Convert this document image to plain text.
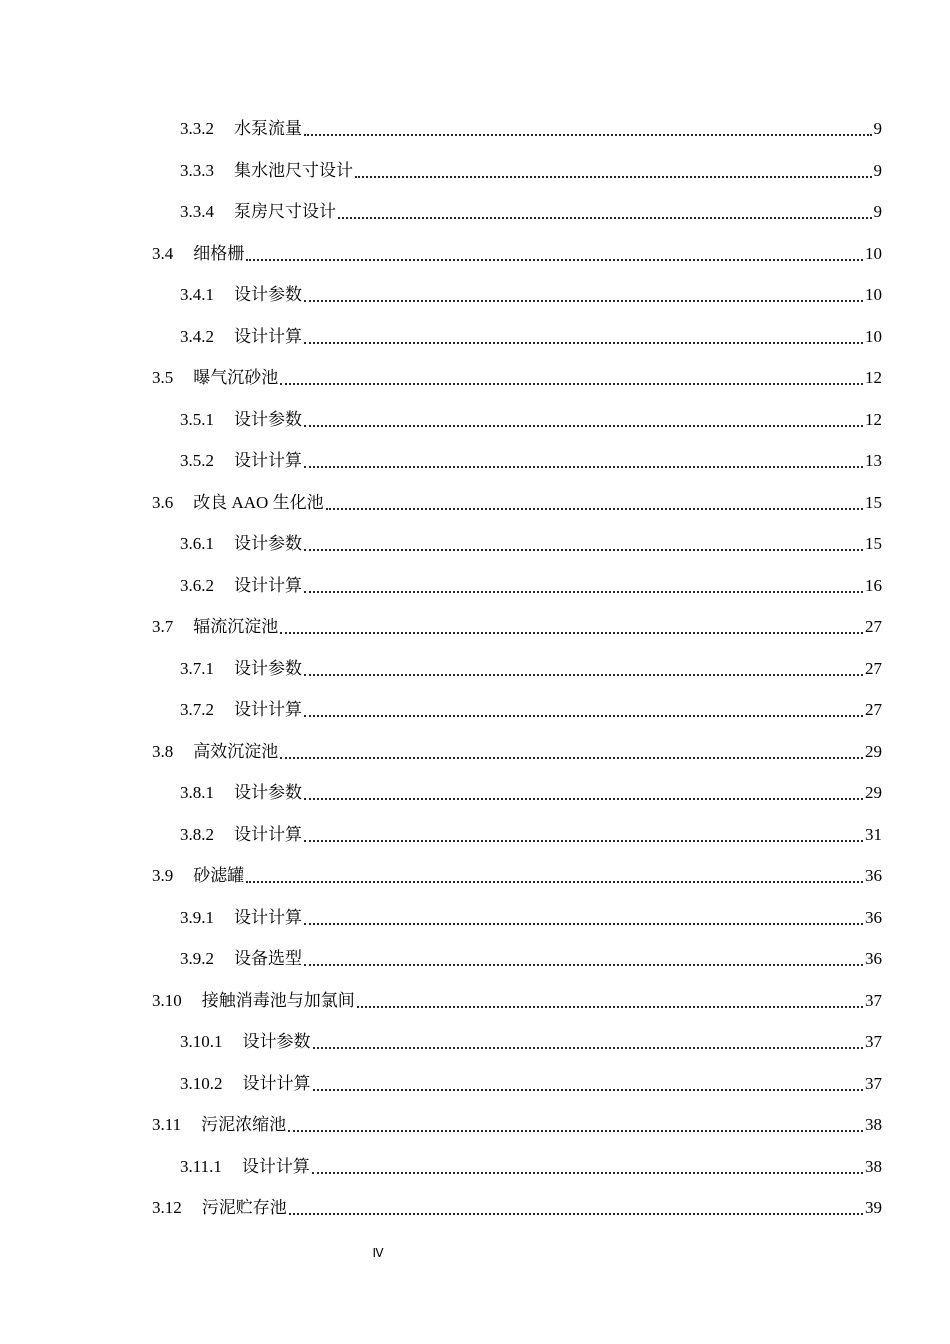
3.3.2	水泵流量	9
3.3.3	集水池尺寸设计	9
3.3.4	泵房尺寸设计	9
3.4	细格栅	10
3.4.1	设计参数	10
3.4.2	设计计算	10
3.5	曝气沉砂池	12
3.5.1	设计参数	12
3.5.2	设计计算	13
3.6	改良 AAO 生化池	15
3.6.1	设计参数	15
3.6.2	设计计算	16
3.7	辐流沉淀池	27
3.7.1	设计参数	27
3.7.2	设计计算	27
3.8	高效沉淀池	29
3.8.1	设计参数	29
3.8.2	设计计算	31
3.9	砂滤罐	36
3.9.1	设计计算	36
3.9.2	设备选型	36
3.10	接触消毒池与加氯间	37
3.10.1	设计参数	37
3.10.2	设计计算	37
3.11	污泥浓缩池	38
3.11.1	设计计算	38
3.12	污泥贮存池	39
Ⅳ
